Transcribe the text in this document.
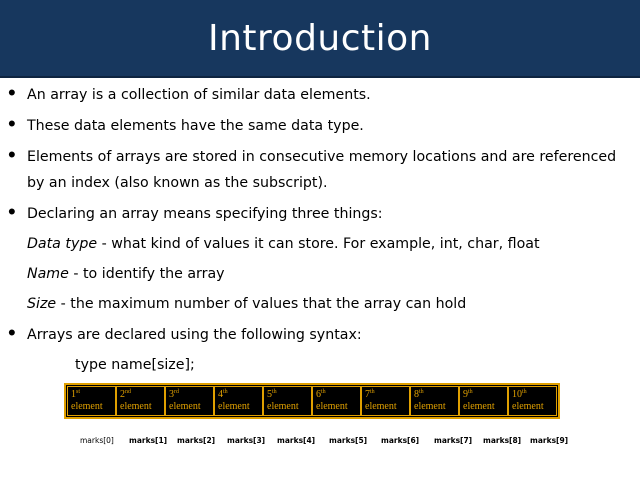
Introduction
• An array is a collection of similar data elements.
• These data elements have the same data type.
• Elements of arrays are stored in consecutive memory locations and are referenced
by an index (also known as the subscript).
• Declaring an array means specifying three things:
Data type - what kind of values it can store. For example, int, char, float
Name - to identify the array
Size - the maximum number of values that the array can hold
• Arrays are declared using the following syntax:
type name[size];
1st
element
2nd
element
3rd
element
4th
element
5th
element
6th
element
7th
element
8th
element
9th
element
10th
element
marks[0] marks[1] marks[2] marks[3] marks[4] marks[5] marks[6] marks[7] marks[8] marks[9]
